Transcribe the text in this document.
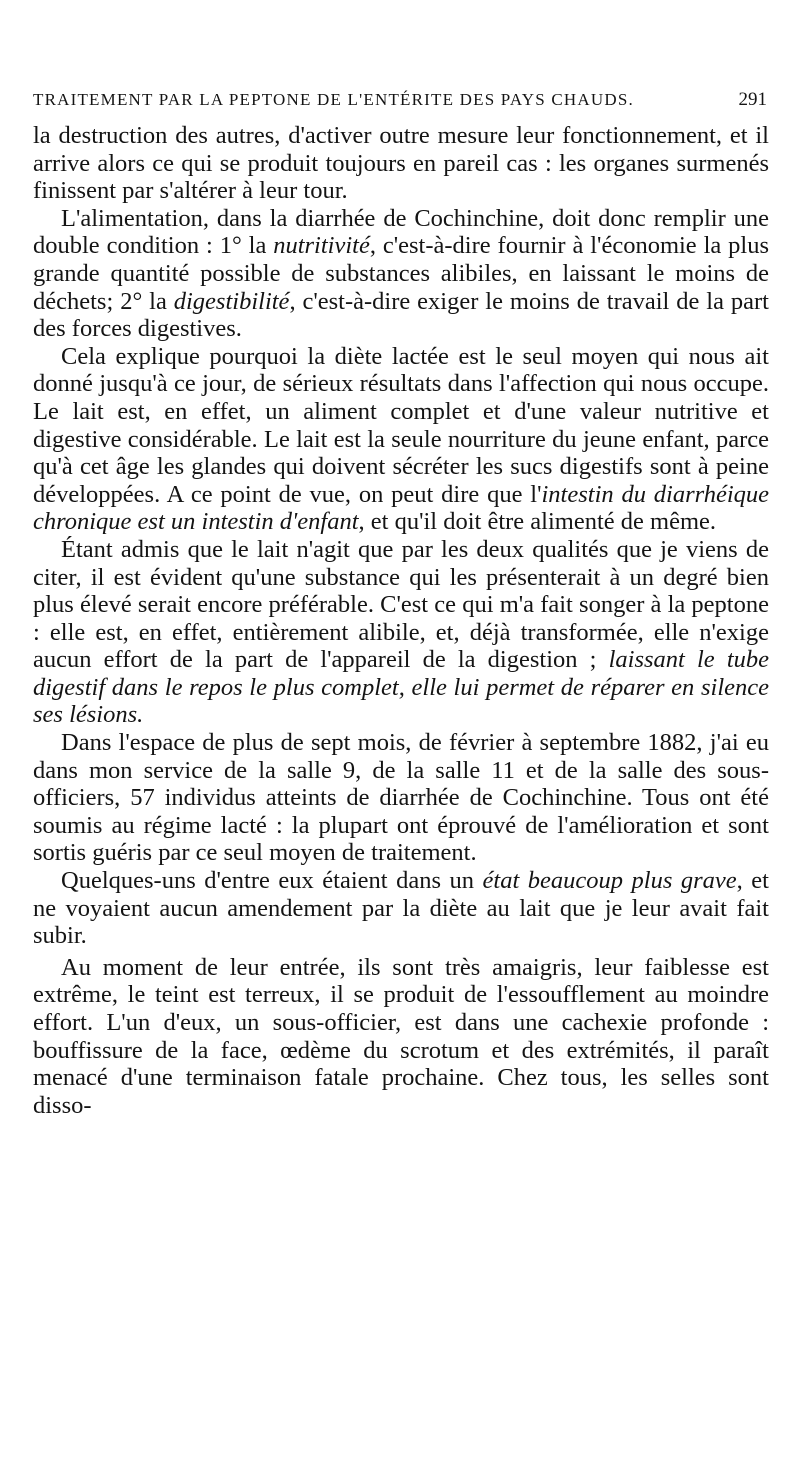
TRAITEMENT PAR LA PEPTONE DE L'ENTÉRITE DES PAYS CHAUDS.	291

la destruction des autres, d'activer outre mesure leur fonctionnement, et il arrive alors ce qui se produit toujours en pareil cas : les organes surmenés finissent par s'altérer à leur tour.

L'alimentation, dans la diarrhée de Cochinchine, doit donc remplir une double condition : 1° la nutritivité, c'est-à-dire fournir à l'économie la plus grande quantité possible de substances alibiles, en laissant le moins de déchets; 2° la digestibilité, c'est-à-dire exiger le moins de travail de la part des forces digestives.

Cela explique pourquoi la diète lactée est le seul moyen qui nous ait donné jusqu'à ce jour, de sérieux résultats dans l'affection qui nous occupe. Le lait est, en effet, un aliment complet et d'une valeur nutritive et digestive considérable. Le lait est la seule nourriture du jeune enfant, parce qu'à cet âge les glandes qui doivent sécréter les sucs digestifs sont à peine développées. A ce point de vue, on peut dire que l'intestin du diarrhéique chronique est un intestin d'enfant, et qu'il doit être alimenté de même.

Étant admis que le lait n'agit que par les deux qualités que je viens de citer, il est évident qu'une substance qui les présenterait à un degré bien plus élevé serait encore préférable. C'est ce qui m'a fait songer à la peptone : elle est, en effet, entièrement alibile, et, déjà transformée, elle n'exige aucun effort de la part de l'appareil de la digestion ; laissant le tube digestif dans le repos le plus complet, elle lui permet de réparer en silence ses lésions.

Dans l'espace de plus de sept mois, de février à septembre 1882, j'ai eu dans mon service de la salle 9, de la salle 11 et de la salle des sous-officiers, 57 individus atteints de diarrhée de Cochinchine. Tous ont été soumis au régime lacté : la plupart ont éprouvé de l'amélioration et sont sortis guéris par ce seul moyen de traitement.

Quelques-uns d'entre eux étaient dans un état beaucoup plus grave, et ne voyaient aucun amendement par la diète au lait que je leur avait fait subir.

Au moment de leur entrée, ils sont très amaigris, leur faiblesse est extrême, le teint est terreux, il se produit de l'essoufflement au moindre effort. L'un d'eux, un sous-officier, est dans une cachexie profonde : bouffissure de la face, œdème du scrotum et des extrémités, il paraît menacé d'une terminaison fatale prochaine. Chez tous, les selles sont disso-
